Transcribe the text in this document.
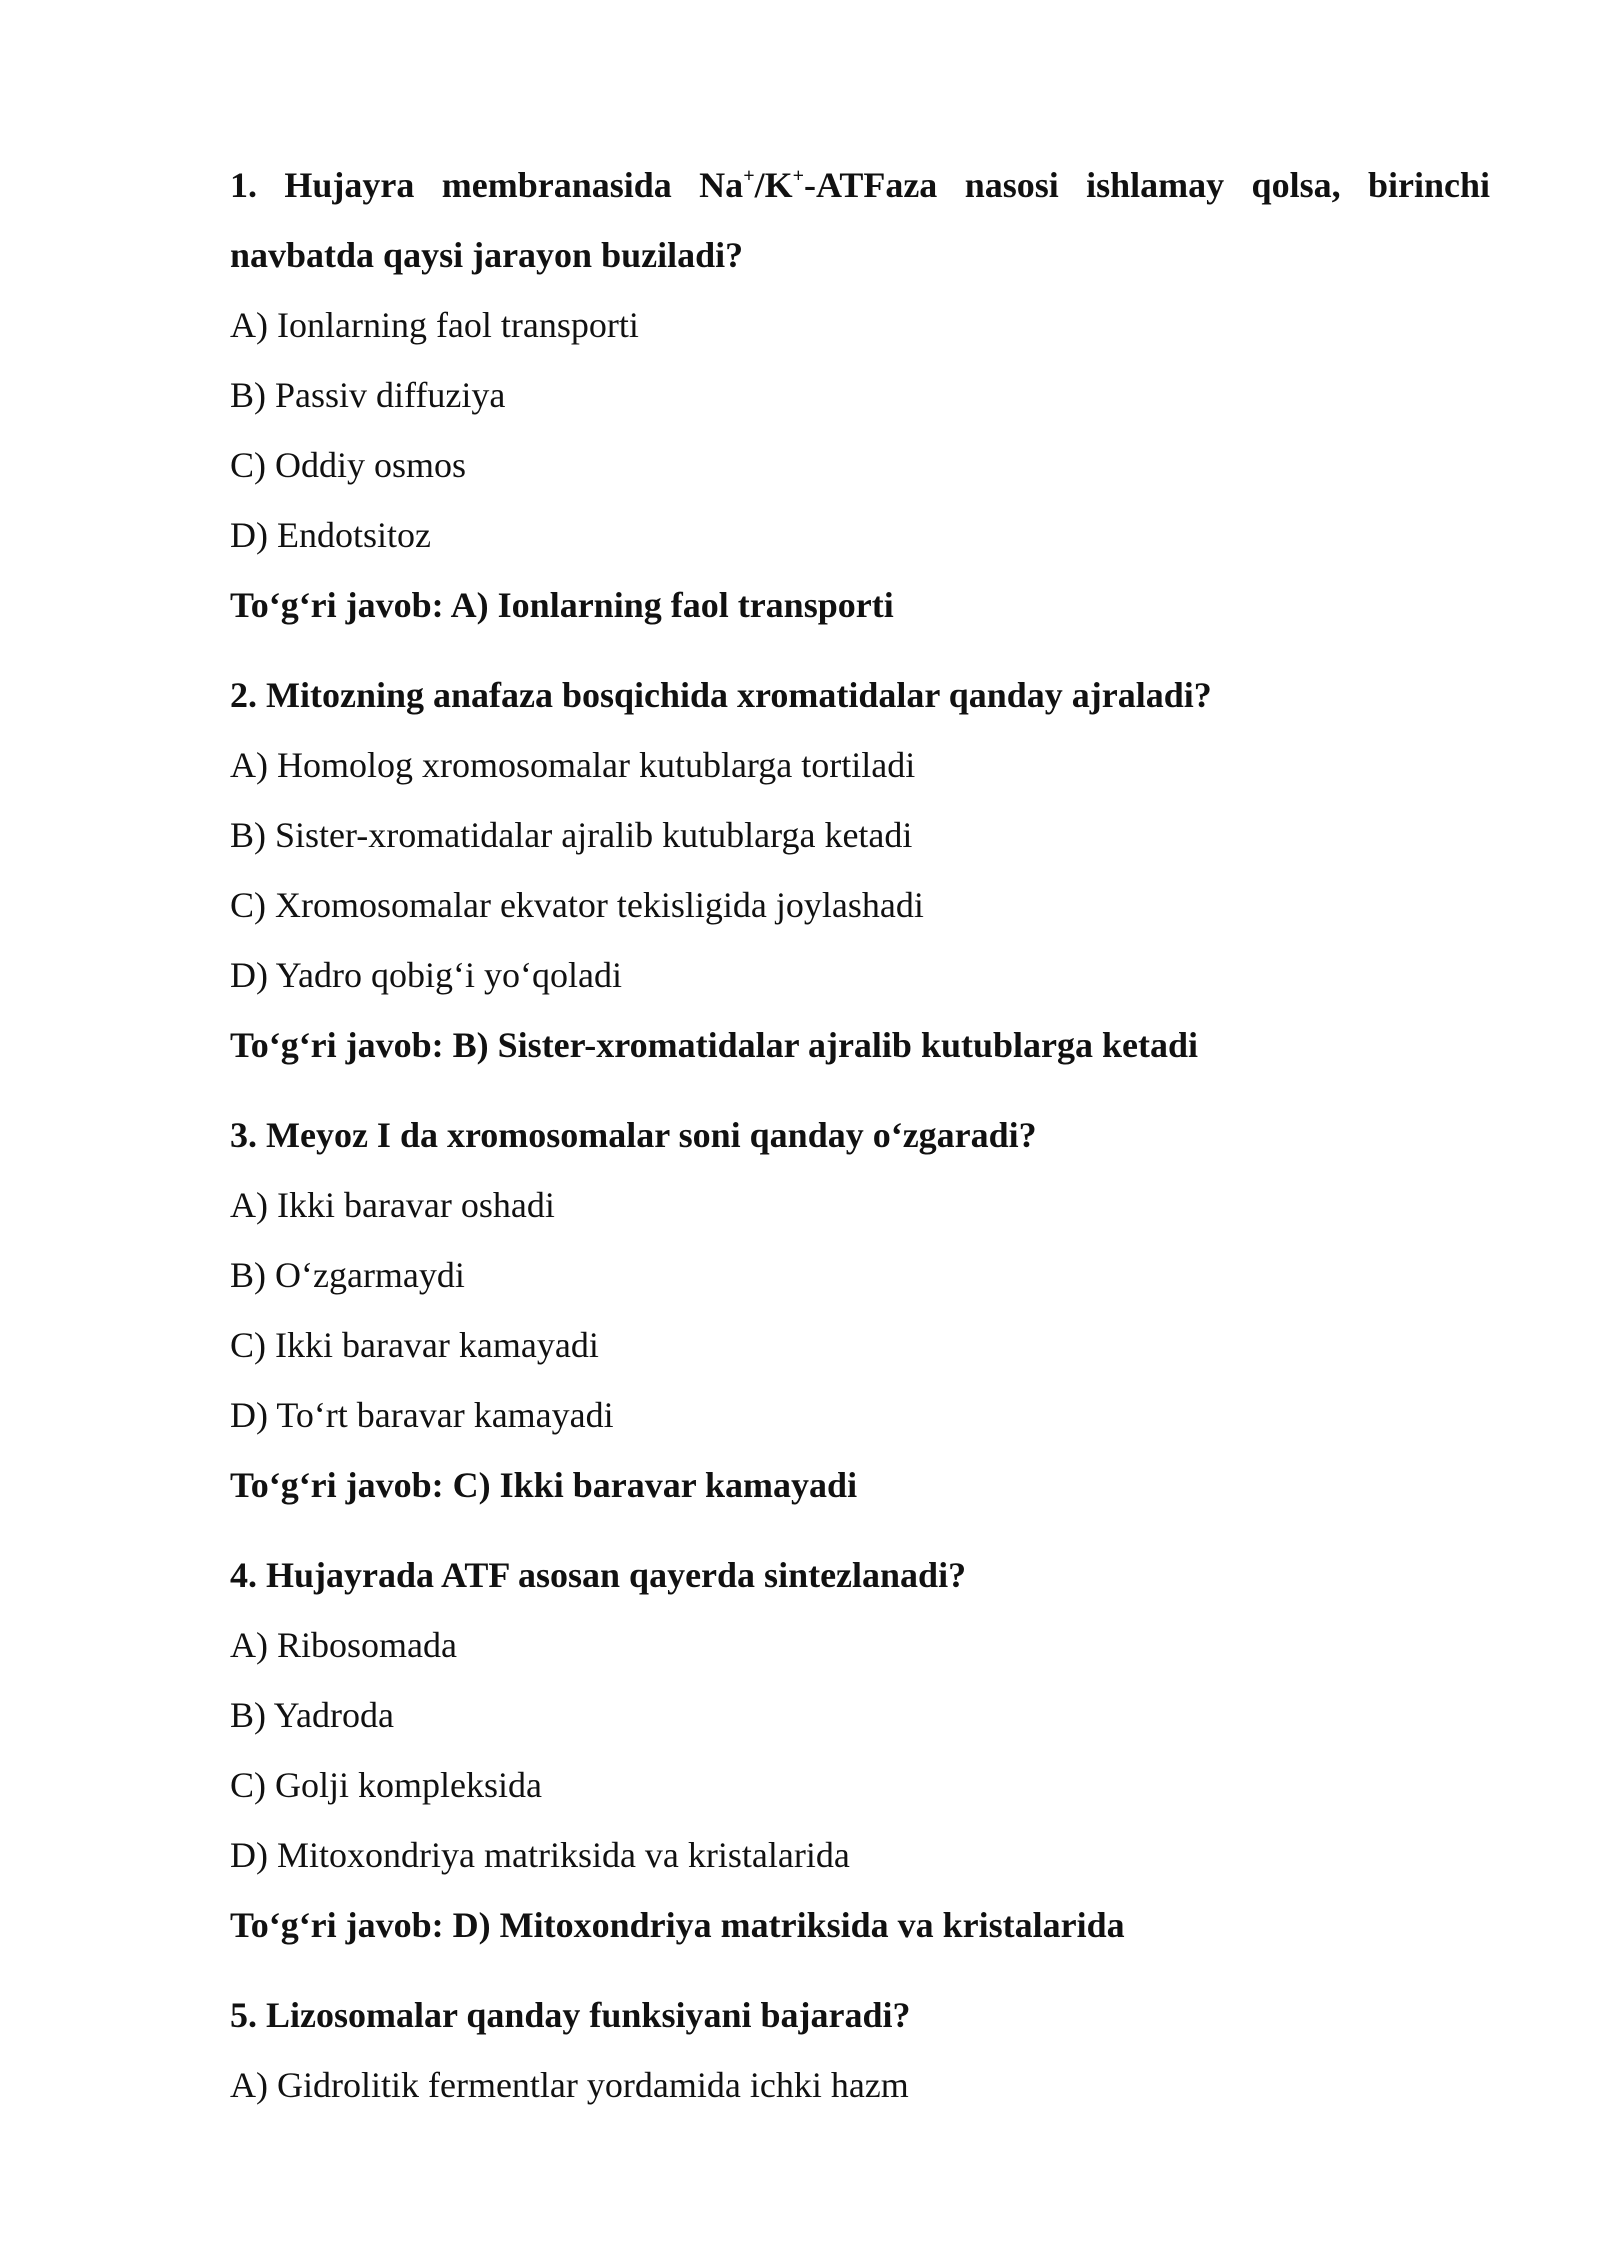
1. Hujayra membranasida Na+/K+-ATFaza nasosi ishlamay qolsa, birinchi navbatda qaysi jarayon buziladi?
A) Ionlarning faol transporti
B) Passiv diffuziya
C) Oddiy osmos
D) Endotsitoz
To‘g‘ri javob: A) Ionlarning faol transporti
2. Mitozning anafaza bosqichida xromatidalar qanday ajraladi?
A) Homolog xromosomalar kutublarga tortiladi
B) Sister-xromatidalar ajralib kutublarga ketadi
C) Xromosomalar ekvator tekisligida joylashadi
D) Yadro qobig‘i yo‘qoladi
To‘g‘ri javob: B) Sister-xromatidalar ajralib kutublarga ketadi
3. Meyoz I da xromosomalar soni qanday o‘zgaradi?
A) Ikki baravar oshadi
B) O‘zgarmaydi
C) Ikki baravar kamayadi
D) To‘rt baravar kamayadi
To‘g‘ri javob: C) Ikki baravar kamayadi
4. Hujayrada ATF asosan qayerda sintezlanadi?
A) Ribosomada
B) Yadroda
C) Golji kompleksida
D) Mitoxondriya matriksida va kristalarida
To‘g‘ri javob: D) Mitoxondriya matriksida va kristalarida
5. Lizosomalar qanday funksiyani bajaradi?
A) Gidrolitik fermentlar yordamida ichki hazm
